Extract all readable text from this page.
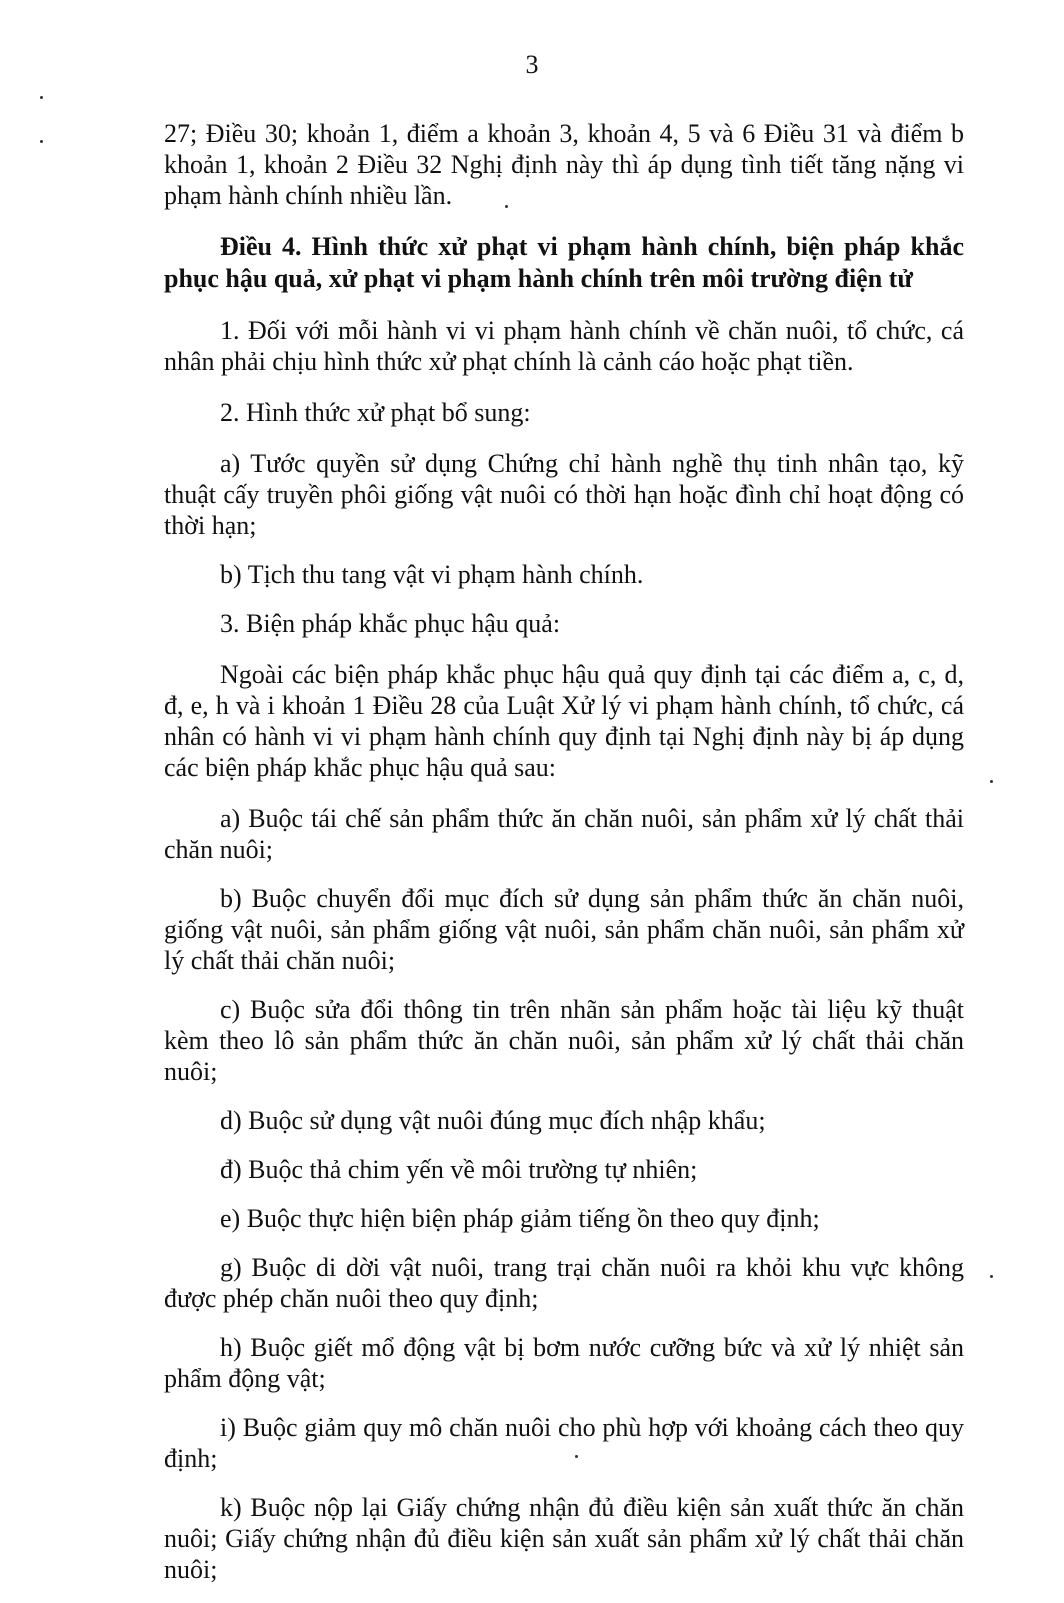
3

27; Điều 30; khoản 1, điểm a khoản 3, khoản 4, 5 và 6 Điều 31 và điểm b khoản 1, khoản 2 Điều 32 Nghị định này thì áp dụng tình tiết tăng nặng vi phạm hành chính nhiều lần.

Điều 4. Hình thức xử phạt vi phạm hành chính, biện pháp khắc phục hậu quả, xử phạt vi phạm hành chính trên môi trường điện tử

1. Đối với mỗi hành vi vi phạm hành chính về chăn nuôi, tổ chức, cá nhân phải chịu hình thức xử phạt chính là cảnh cáo hoặc phạt tiền.

2. Hình thức xử phạt bổ sung:

a) Tước quyền sử dụng Chứng chỉ hành nghề thụ tinh nhân tạo, kỹ thuật cấy truyền phôi giống vật nuôi có thời hạn hoặc đình chỉ hoạt động có thời hạn;

b) Tịch thu tang vật vi phạm hành chính.

3. Biện pháp khắc phục hậu quả:

Ngoài các biện pháp khắc phục hậu quả quy định tại các điểm a, c, d, đ, e, h và i khoản 1 Điều 28 của Luật Xử lý vi phạm hành chính, tổ chức, cá nhân có hành vi vi phạm hành chính quy định tại Nghị định này bị áp dụng các biện pháp khắc phục hậu quả sau:

a) Buộc tái chế sản phẩm thức ăn chăn nuôi, sản phẩm xử lý chất thải chăn nuôi;

b) Buộc chuyển đổi mục đích sử dụng sản phẩm thức ăn chăn nuôi, giống vật nuôi, sản phẩm giống vật nuôi, sản phẩm chăn nuôi, sản phẩm xử lý chất thải chăn nuôi;

c) Buộc sửa đổi thông tin trên nhãn sản phẩm hoặc tài liệu kỹ thuật kèm theo lô sản phẩm thức ăn chăn nuôi, sản phẩm xử lý chất thải chăn nuôi;

d) Buộc sử dụng vật nuôi đúng mục đích nhập khẩu;

đ) Buộc thả chim yến về môi trường tự nhiên;

e) Buộc thực hiện biện pháp giảm tiếng ồn theo quy định;

g) Buộc di dời vật nuôi, trang trại chăn nuôi ra khỏi khu vực không được phép chăn nuôi theo quy định;

h) Buộc giết mổ động vật bị bơm nước cưỡng bức và xử lý nhiệt sản phẩm động vật;

i) Buộc giảm quy mô chăn nuôi cho phù hợp với khoảng cách theo quy định;

k) Buộc nộp lại Giấy chứng nhận đủ điều kiện sản xuất thức ăn chăn nuôi; Giấy chứng nhận đủ điều kiện sản xuất sản phẩm xử lý chất thải chăn nuôi;
